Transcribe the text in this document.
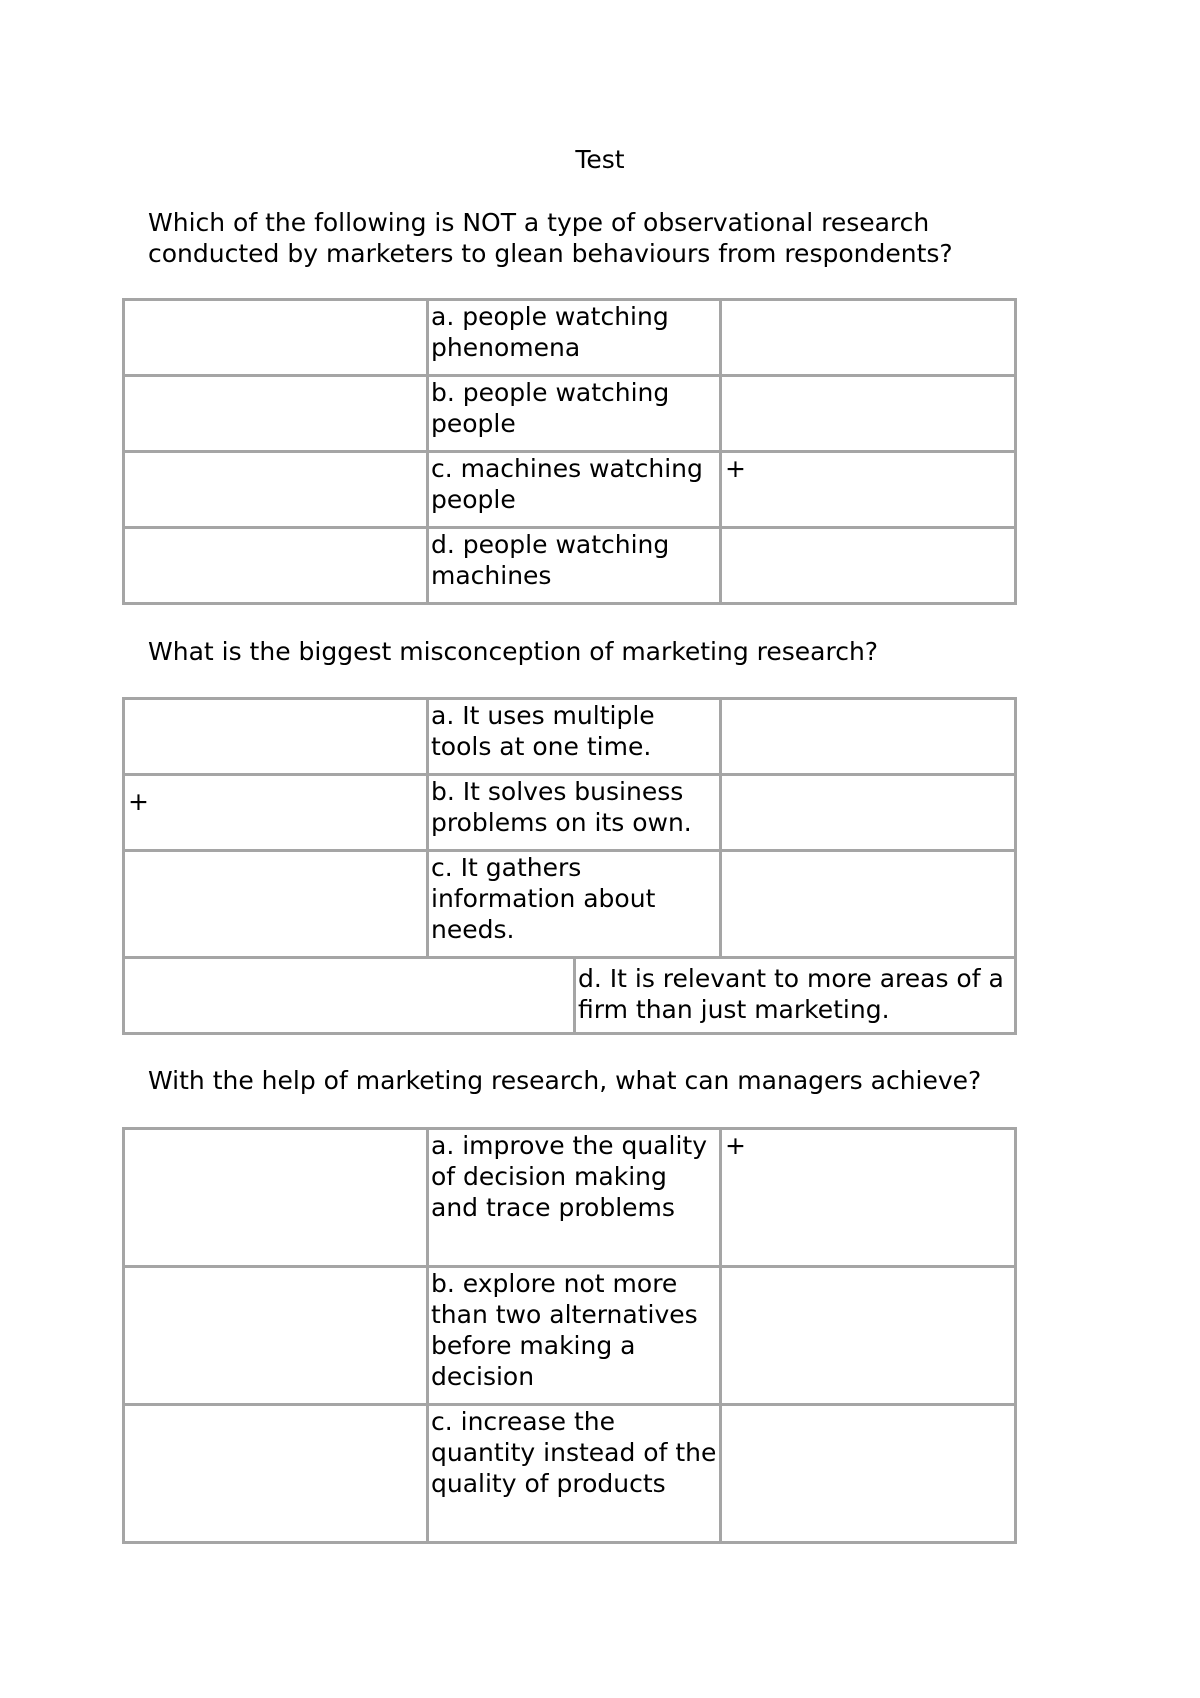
Test
Which of the following is NOT a type of observational research conducted by marketers to glean behaviours from respondents?
	a. people watching phenomena	

	b. people watching people	

	c. machines watching people	+

	d. people watching machines	
What is the biggest misconception of marketing research?
	a. It uses multiple tools at one time.		

+	b. It solves business problems on its own.		

	c. It gathers information about needs.		

		d. It is relevant to more areas of a firm than just marketing.	
With the help of marketing research, what can managers achieve?
	a. improve the quality of decision making and trace problems	+

	b. explore not more than two alternatives before making a decision	

	c. increase the quantity instead of the quality of products	
